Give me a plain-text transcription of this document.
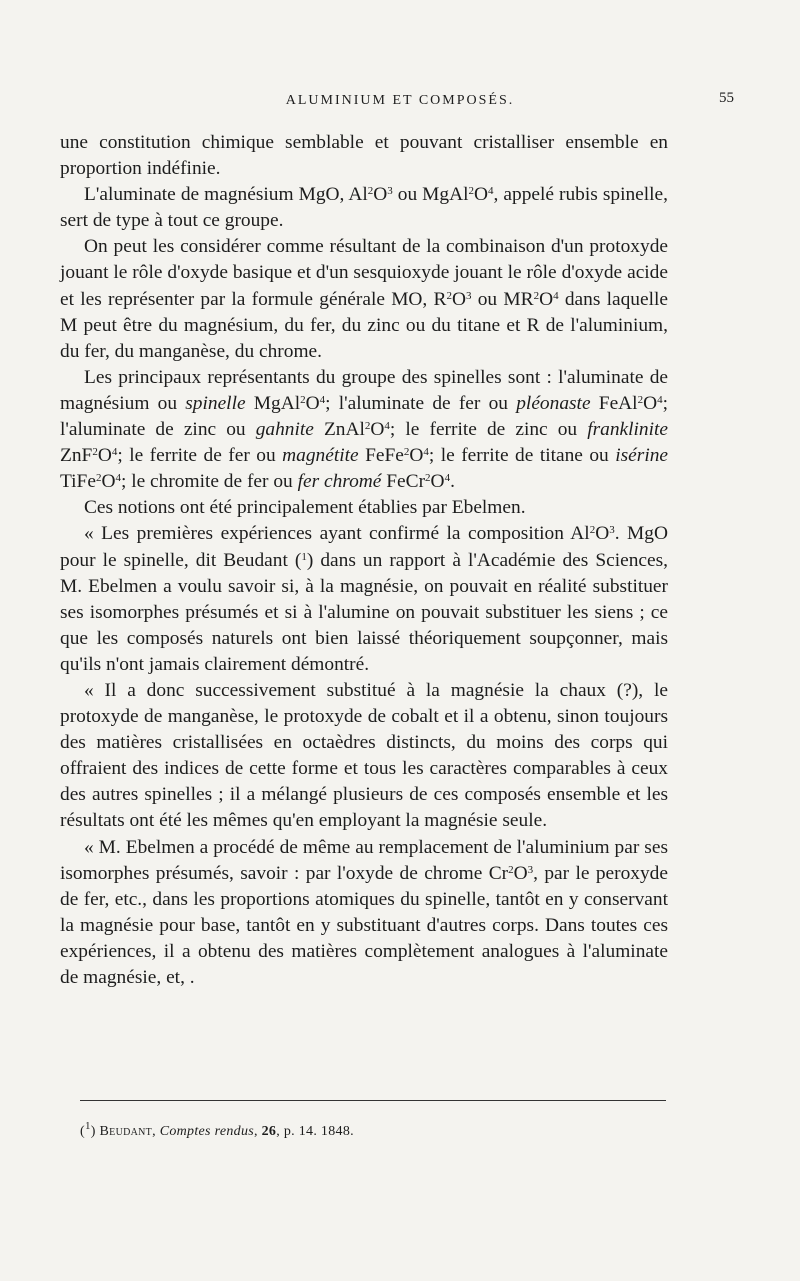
ALUMINIUM ET COMPOSÉS.	55

une constitution chimique semblable et pouvant cristalliser ensemble en proportion indéfinie.

L'aluminate de magnésium MgO, $Al^2O^3$ ou $MgAl^2O^4$, appelé rubis spinelle, sert de type à tout ce groupe.

On peut les considérer comme résultant de la combinaison d'un protoxyde jouant le rôle d'oxyde basique et d'un sesquioxyde jouant le rôle d'oxyde acide et les représenter par la formule générale MO, $R^2O^3$ ou $MR^2O^4$ dans laquelle M peut être du magnésium, du fer, du zinc ou du titane et R de l'aluminium, du fer, du manganèse, du chrome.

Les principaux représentants du groupe des spinelles sont : l'aluminate de magnésium ou spinelle $MgAl^2O^4$; l'aluminate de fer ou pléonaste $FeAl^2O^4$; l'aluminate de zinc ou gahnite $ZnAl^2O^4$; le ferrite de zinc ou franklinite $ZnF^2O^4$; le ferrite de fer ou magnétite $FeFe^2O^4$; le ferrite de titane ou isérine $TiFe^2O^4$; le chromite de fer ou fer chromé $FeCr^2O^4$.

Ces notions ont été principalement établies par Ebelmen.

« Les premières expériences ayant confirmé la composition $Al^2O^3$. MgO pour le spinelle, dit Beudant ($^1$) dans un rapport à l'Académie des Sciences, M. Ebelmen a voulu savoir si, à la magnésie, on pouvait en réalité substituer ses isomorphes présumés et si à l'alumine on pouvait substituer les siens ; ce que les composés naturels ont bien laissé théoriquement soupçonner, mais qu'ils n'ont jamais clairement démontré.

« Il a donc successivement substitué à la magnésie la chaux (?), le protoxyde de manganèse, le protoxyde de cobalt et il a obtenu, sinon toujours des matières cristallisées en octaèdres distincts, du moins des corps qui offraient des indices de cette forme et tous les caractères comparables à ceux des autres spinelles ; il a mélangé plusieurs de ces composés ensemble et les résultats ont été les mêmes qu'en employant la magnésie seule.

« M. Ebelmen a procédé de même au remplacement de l'aluminium par ses isomorphes présumés, savoir : par l'oxyde de chrome $Cr^2O^3$, par le peroxyde de fer, etc., dans les proportions atomiques du spinelle, tantôt en y conservant la magnésie pour base, tantôt en y substituant d'autres corps. Dans toutes ces expériences, il a obtenu des matières complètement analogues à l'aluminate de magnésie, et, .

($^1$) Beudant, Comptes rendus, 26, p. 14. 1848.
